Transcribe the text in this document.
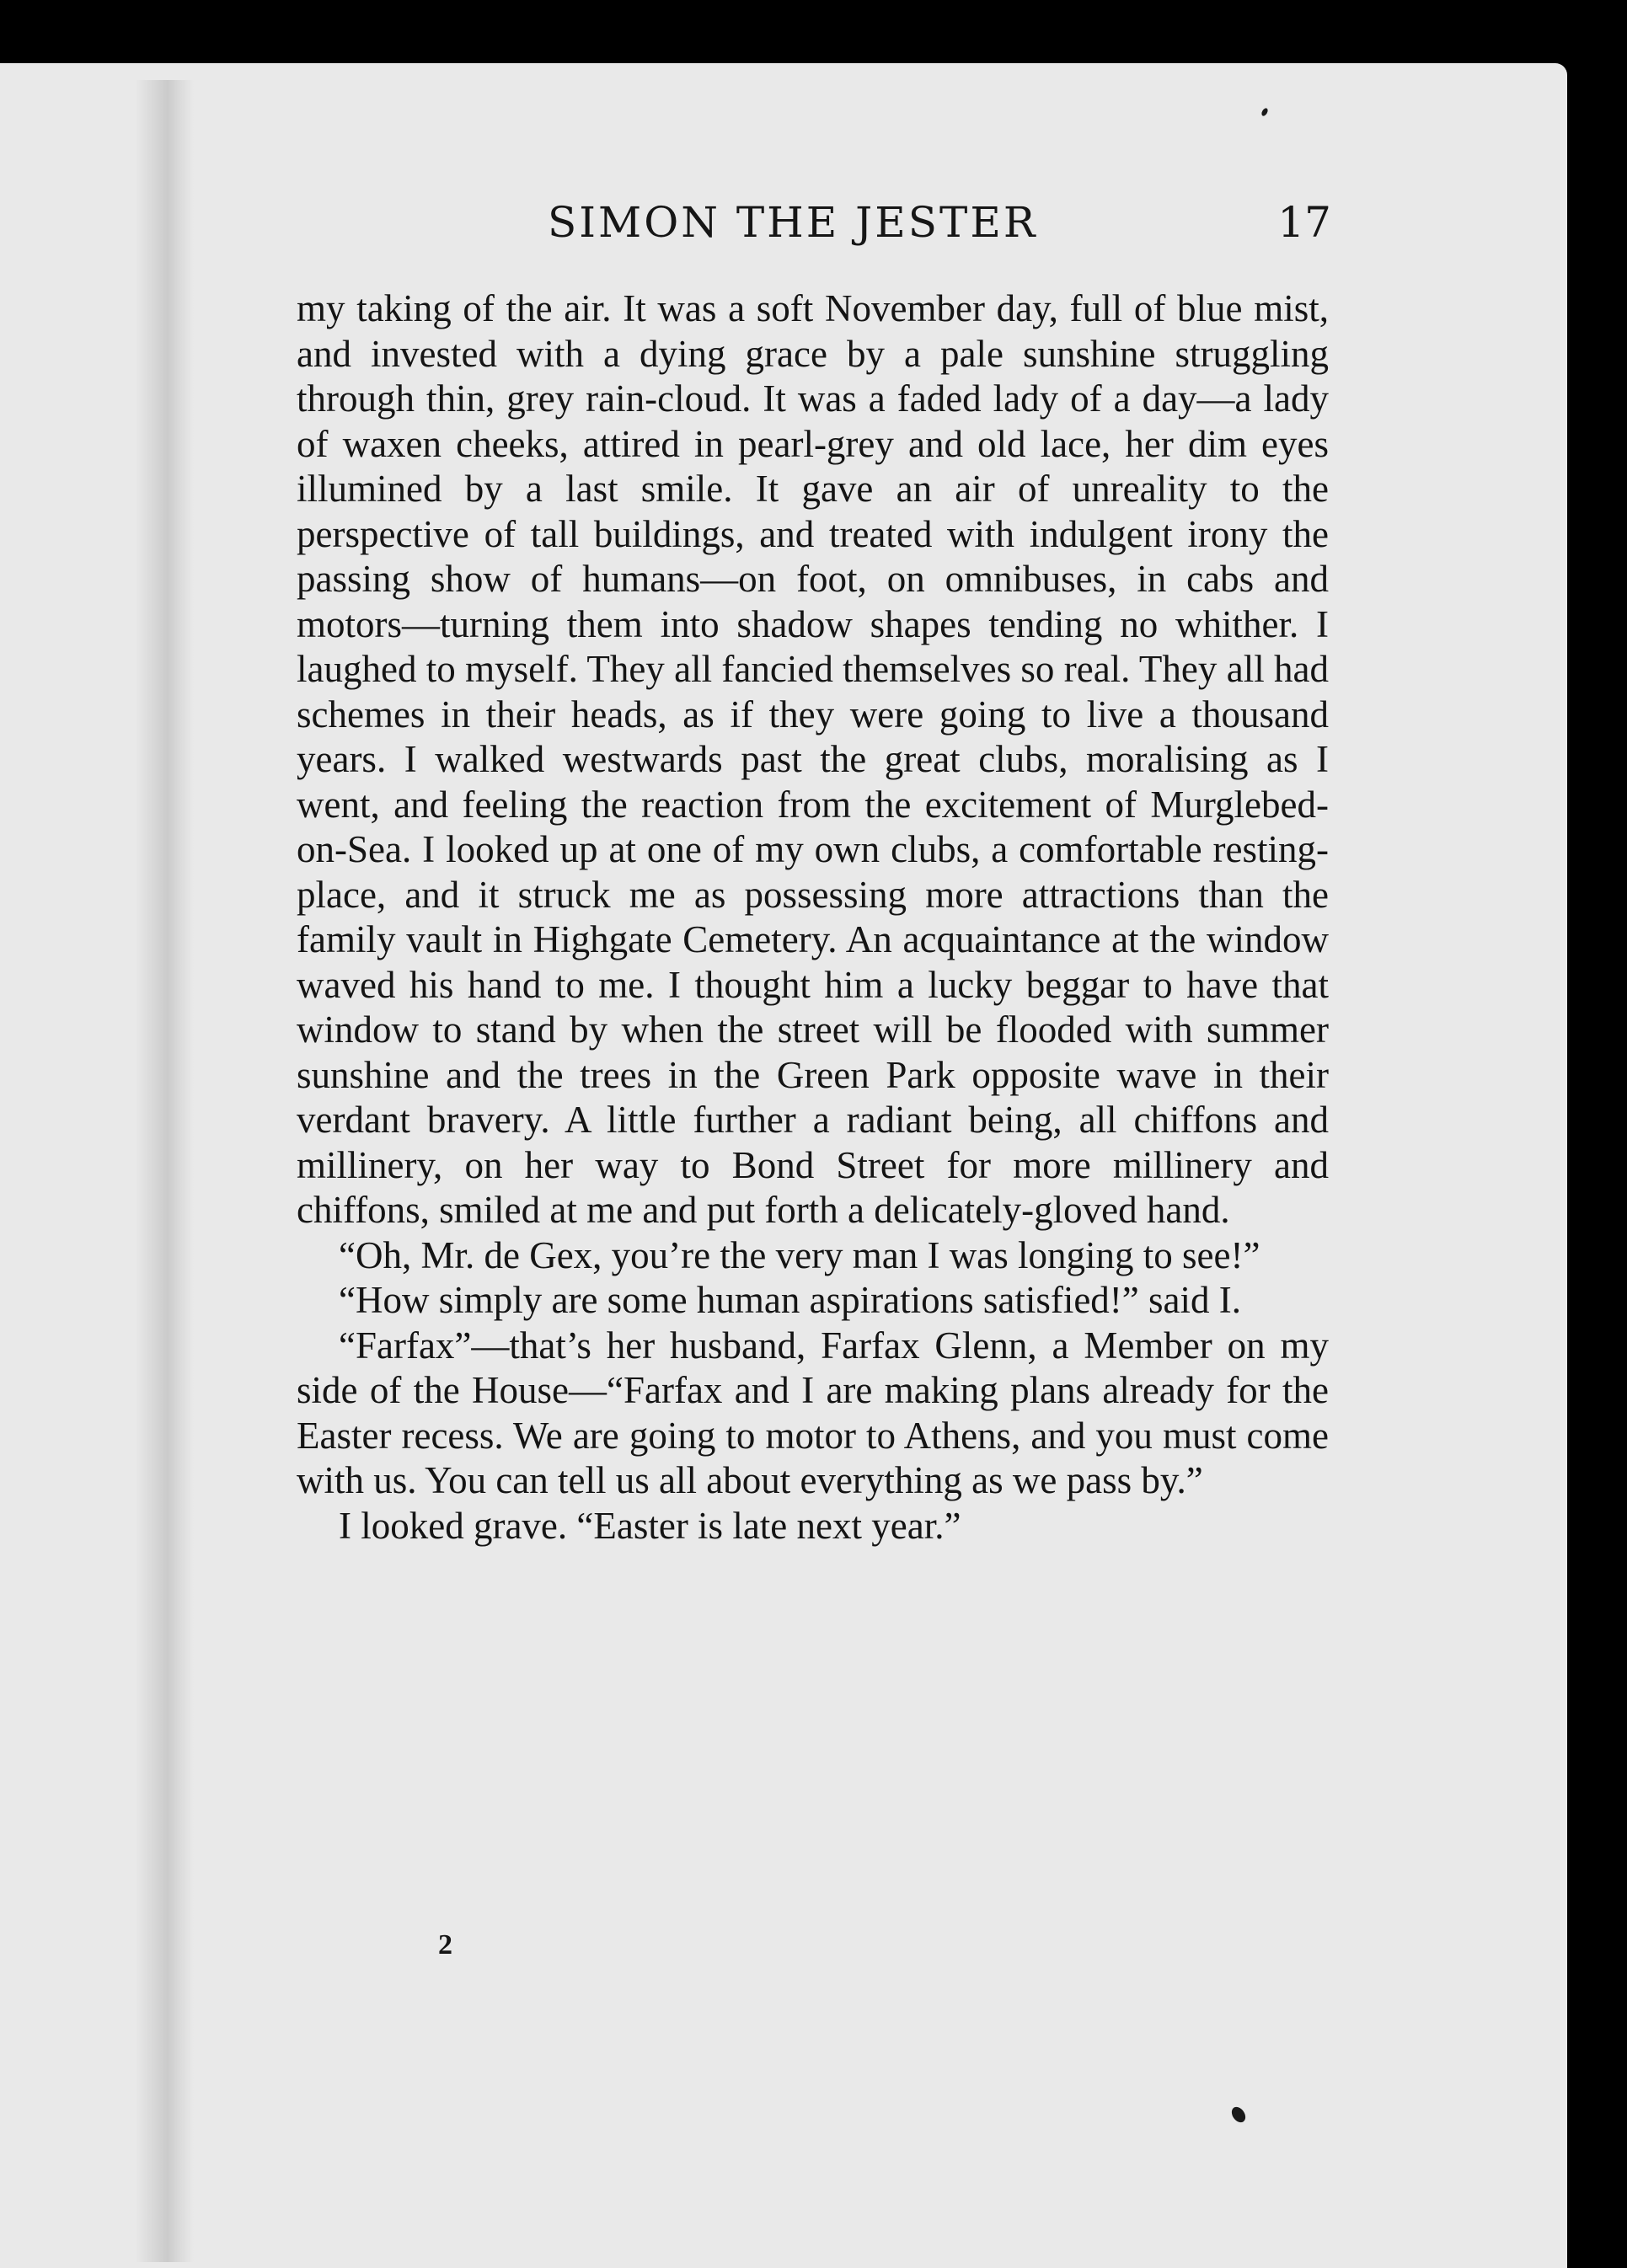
SIMON THE JESTER	17

my taking of the air. It was a soft November day, full of blue mist, and invested with a dying grace by a pale sunshine struggling through thin, grey rain-cloud. It was a faded lady of a day—a lady of waxen cheeks, attired in pearl-grey and old lace, her dim eyes illumined by a last smile. It gave an air of unreality to the perspective of tall buildings, and treated with indulgent irony the passing show of humans—on foot, on omnibuses, in cabs and motors—turning them into shadow shapes tending no whither. I laughed to myself. They all fancied themselves so real. They all had schemes in their heads, as if they were going to live a thousand years. I walked westwards past the great clubs, moralising as I went, and feeling the reaction from the excitement of Murglebed-on-Sea. I looked up at one of my own clubs, a comfortable resting-place, and it struck me as possessing more attractions than the family vault in Highgate Cemetery. An acquaintance at the window waved his hand to me. I thought him a lucky beggar to have that window to stand by when the street will be flooded with summer sunshine and the trees in the Green Park opposite wave in their verdant bravery. A little further a radiant being, all chiffons and millinery, on her way to Bond Street for more millinery and chiffons, smiled at me and put forth a delicately-gloved hand.

“Oh, Mr. de Gex, you’re the very man I was longing to see!”

“How simply are some human aspirations satisfied!” said I.

“Farfax”—that’s her husband, Farfax Glenn, a Member on my side of the House—“Farfax and I are making plans already for the Easter recess. We are going to motor to Athens, and you must come with us. You can tell us all about everything as we pass by.”

I looked grave. “Easter is late next year.”

2
